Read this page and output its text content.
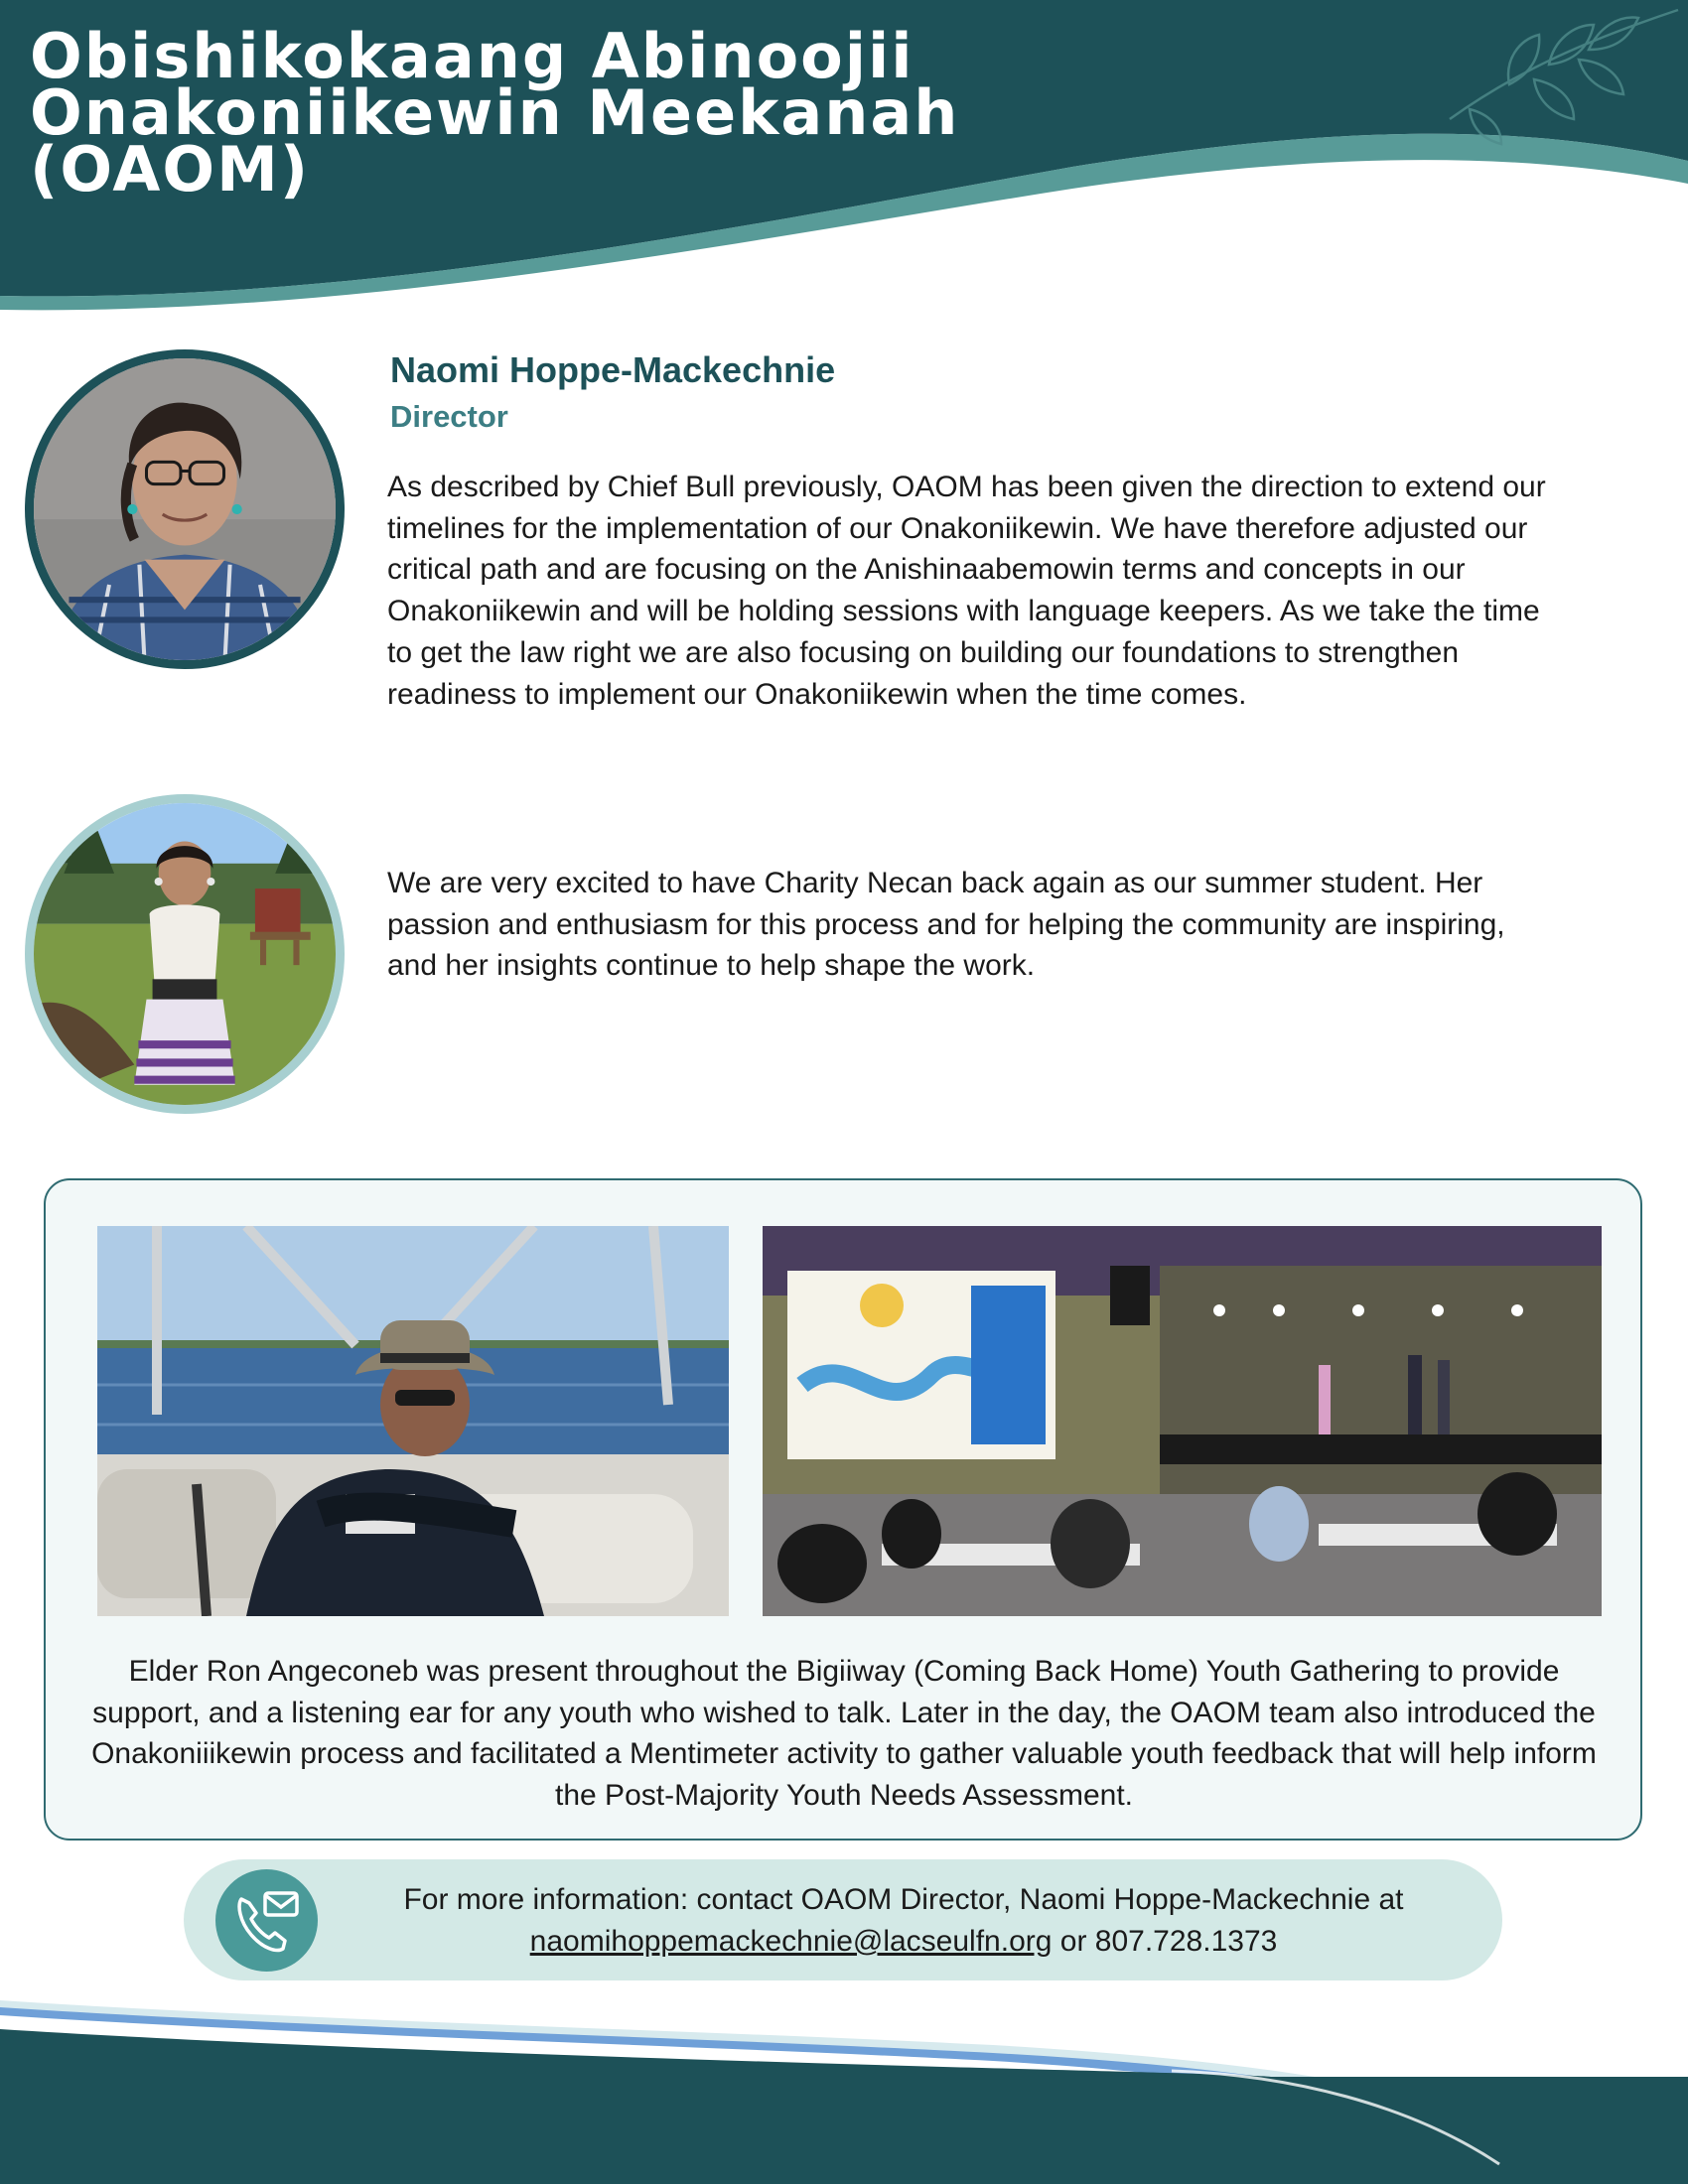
Obishikokaang Abinoojii
Onakoniikewin Meekanah
(OAOM)

Naomi Hoppe-Mackechnie

Director

As described by Chief Bull previously, OAOM has been given the direction to extend our timelines for the implementation of our Onakoniikewin. We have therefore adjusted our critical path and are focusing on the Anishinaabemowin terms and concepts in our Onakoniikewin and will be holding sessions with language keepers. As we take the time to get the law right we are also focusing on building our foundations to strengthen readiness to implement our Onakoniikewin when the time comes.

We are very excited to have Charity Necan back again as our summer student. Her passion and enthusiasm for this process and for helping the community are inspiring, and her insights continue to help shape the work.

Elder Ron Angeconeb was present throughout the Bigiiway (Coming Back Home) Youth Gathering to provide support, and a listening ear for any youth who wished to talk. Later in the day, the OAOM team also introduced the Onakoniiikewin process and facilitated a Mentimeter activity to gather valuable youth feedback that will help inform the Post-Majority Youth Needs Assessment.

For more information: contact OAOM Director, Naomi Hoppe-Mackechnie at
naomihoppemackechnie@lacseulfn.org or 807.728.1373
